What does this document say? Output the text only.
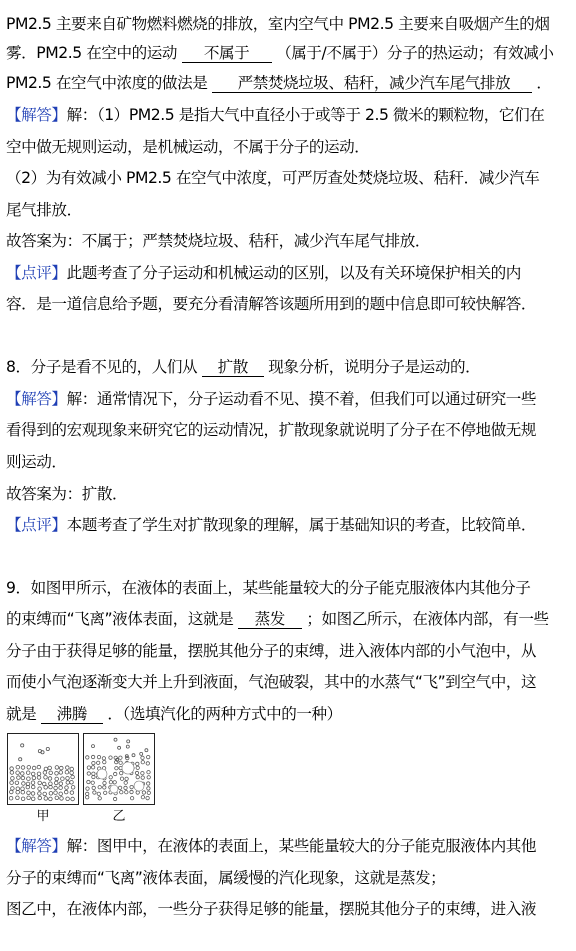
PM2.5 主要来自矿物燃料燃烧的排放，室内空气中 PM2.5 主要来自吸烟产生的烟
雾．PM2.5 在空中的运动 不属于 （属于/不属于）分子的热运动；有效减小
PM2.5 在空气中浓度的做法是 严禁焚烧垃圾、秸秆，减少汽车尾气排放 ．
【解答】解：（1）PM2.5 是指大气中直径小于或等于 2.5 微米的颗粒物，它们在
空中做无规则运动，是机械运动，不属于分子的运动．
（2）为有效减小 PM2.5 在空气中浓度，可严厉查处焚烧垃圾、秸秆．减少汽车
尾气排放．
故答案为：不属于；严禁焚烧垃圾、秸秆，减少汽车尾气排放．
【点评】此题考查了分子运动和机械运动的区别，以及有关环境保护相关的内
容．是一道信息给予题，要充分看清解答该题所用到的题中信息即可较快解答．
8．分子是看不见的，人们从 扩散 现象分析，说明分子是运动的．
【解答】解：通常情况下，分子运动看不见、摸不着，但我们可以通过研究一些
看得到的宏观现象来研究它的运动情况，扩散现象就说明了分子在不停地做无规
则运动．
故答案为：扩散．
【点评】本题考查了学生对扩散现象的理解，属于基础知识的考查，比较简单．
9．如图甲所示，在液体的表面上，某些能量较大的分子能克服液体内其他分子
的束缚而“飞离”液体表面，这就是 蒸发 ；如图乙所示，在液体内部，有一些
分子由于获得足够的能量，摆脱其他分子的束缚，进入液体内部的小气泡中，从
而使小气泡逐渐变大并上升到液面，气泡破裂，其中的水蒸气“飞”到空气中，这
就是 沸腾 ．（选填汽化的两种方式中的一种）
甲	乙
【解答】解：图甲中，在液体的表面上，某些能量较大的分子能克服液体内其他
分子的束缚而“飞离”液体表面，属缓慢的汽化现象，这就是蒸发；
图乙中，在液体内部，一些分子获得足够的能量，摆脱其他分子的束缚，进入液
